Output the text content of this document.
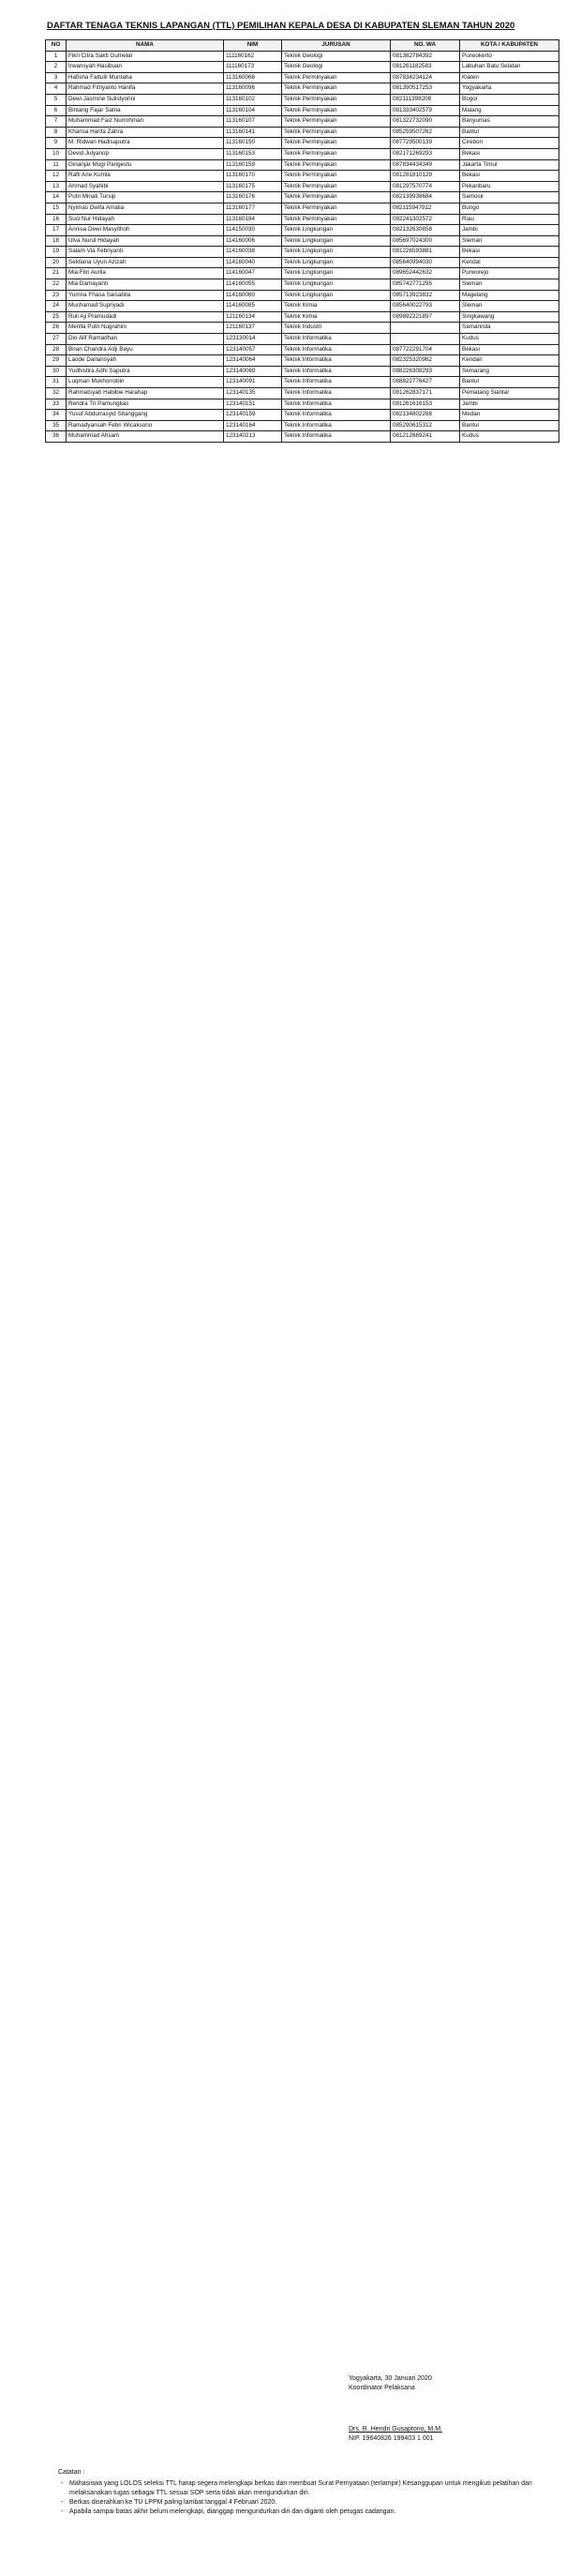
DAFTAR TENAGA TEKNIS LAPANGAN (TTL) PEMILIHAN KEPALA DESA DI KABUPATEN SLEMAN TAHUN 2020
NO	NAMA	NIM	JURUSAN	NO. WA	KOTA / KABUPATEN
1	Fikri Citra Sakti Gumelar	111160162	Teknik Geologi	081382784392	Purwokerto
2	Irwansyah Hasibuan	111160173	Teknik Geologi	081261182583	Labuhan Batu Selatan
3	Hafisha Fattulil Muntaha	113160066	Teknik Perminyakan	087834234124	Klaten
4	Rahmad Fitriyanto Hanifa	113160096	Teknik Perminyakan	081390517253	Yogyakarta
5	Dewi Jasmine Sulistyorini	113160102	Teknik Perminyakan	082111398208	Bogor
6	Bintang Fajar Satria	113160104	Teknik Perminyakan	081333402579	Malang
7	Muhammad Faiz Nurrohman	113160107	Teknik Perminyakan	081322732090	Banyumas
8	Khansa Harifa Zahra	113160141	Teknik Perminyakan	085259507262	Bantul
9	M. Ridwan Hadisaputra	113160150	Teknik Perminyakan	087729500139	Cirebon
10	Devid Julyanop	113160153	Teknik Perminyakan	082171269293	Bekasi
11	Ginanjar Mugi Pangestu	113160159	Teknik Perminyakan	087834434349	Jakarta Timur
12	Rafli Arie Kumla	113160170	Teknik Perminyakan	081281810129	Bekasi
13	Ahmad Syahibi	113160175	Teknik Perminyakan	081297570774	Pekanbaru
14	Putri Minati Tursip	113160176	Teknik Perminyakan	082139938684	Samosir
15	Nyimas Dwifa Amalia	113160177	Teknik Perminyakan	082115947912	Bungo
16	Suci Nur Hidayah	113160184	Teknik Perminyakan	082241302572	Riau
17	Annisa Dewi Masyithoh	114150030	Teknik Lingkungan	082132630858	Jambi
18	Ulva Nurul Hidayah	114160006	Teknik Lingkungan	085697024300	Sleman
19	Salam Via Febriyanti	114160038	Teknik Lingkungan	081226593881	Bekasi
20	Sektiana Uyun Azizah	114160040	Teknik Lingkungan	085640994030	Kendal
21	Mia Fitri Aurlia	114160047	Teknik Lingkungan	089652442632	Purworejo
22	Mia Damayanti	114160055	Teknik Lingkungan	085742771295	Sleman
23	Yumna Fhasa Saisabila	114160060	Teknik Lingkungan	085713923832	Magelang
24	Muchamad Supriyadi	114160085	Teknik Kimia	085640022793	Sleman
25	Ruli Aji Pramudadi	121160134	Teknik Kimia	089892221897	Singkawang
26	Merilla Putri Nugrahini	121160137	Teknik Industri		Samarinda
27	Dio Alif Ramadhan	123130014	Teknik Informatika		Kudus
28	Brian Chandra Adji Bayu	123140057	Teknik Informatika	087722291704	Bekasi
29	Laode Darlansyah	123140064	Teknik Informatika	082325320962	Kendari
30	Yudhistira Adhi Saputra	123140069	Teknik Informatika	088226308293	Semarang
31	Luqman Mukhorrobin	123140091	Teknik Informatika	088822776427	Bantul
32	Rahmatsyah Habibie Harahap	123140135	Teknik Informatika	081262837171	Pematang Siantar
33	Rendra Tri Pamungkas	123140151	Teknik Informatika	081261616153	Jambi
34	Yusuf Abdurrasyid Sitanggang	123140159	Teknik Informatika	082134802268	Medan
35	Ramadyansah Febri Wicaksono	123140164	Teknik Informatika	085290615312	Bantul
36	Muhammad Ahsam	123140213	Teknik Informatika	081212669241	Kudus
Yogyakarta, 30 Januari 2020
Koordinator Pelaksana
Drs. R. Hendri Gusaptono, M.M.
NIP. 19640826 199403 1 001
Catatan :
- Mahasiswa yang LOLOS seleksi TTL harap segera melengkapi berkas dan membuat Surat Pernyataan (terlampir) Kesanggupan untuk mengikuti pelatihan dan melaksanakan tugas sebagai TTL sesuai SOP serta tidak akan mengundurkan diri.
- Berkas diserahkan ke TU LPPM paling lambat tanggal 4 Februari 2020.
- Apabila sampai batas akhir belum melengkapi, dianggap mengundurkan diri dan diganti oleh petugas cadangan.
